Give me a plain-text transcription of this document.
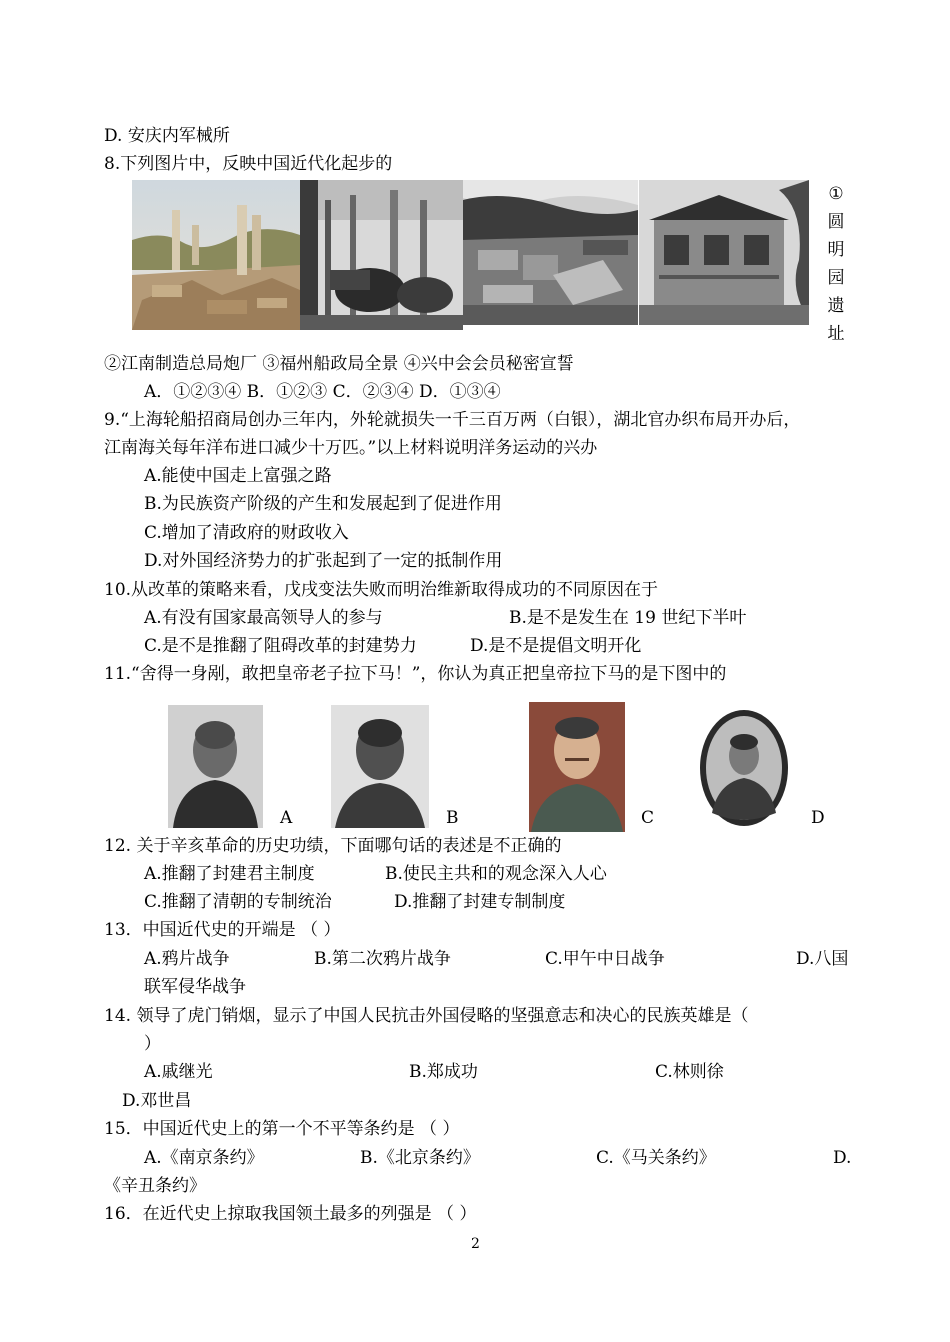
D. 安庆内军械所
8.下列图片中，反映中国近代化起步的
①
圆
明
园
遗
址
②江南制造总局炮厂 ③福州船政局全景 ④兴中会会员秘密宣誓
A．①②③④ B．①②③ C．②③④ D．①③④
9.“上海轮船招商局创办三年内，外轮就损失一千三百万两（白银），湖北官办织布局开办后，
江南海关每年洋布进口减少十万匹。”以上材料说明洋务运动的兴办
A.能使中国走上富强之路
B.为民族资产阶级的产生和发展起到了促进作用
C.增加了清政府的财政收入
D.对外国经济势力的扩张起到了一定的抵制作用
10.从改革的策略来看，戊戌变法失败而明治维新取得成功的不同原因在于
A.有没有国家最高领导人的参与	B.是不是发生在 19 世纪下半叶
C.是不是推翻了阻碍改革的封建势力	D.是不是提倡文明开化
11.“舍得一身剐，敢把皇帝老子拉下马！”，你认为真正把皇帝拉下马的是下图中的
A	B	C	D
12. 关于辛亥革命的历史功绩，下面哪句话的表述是不正确的
A.推翻了封建君主制度	B.使民主共和的观念深入人心
C.推翻了清朝的专制统治	D.推翻了封建专制制度
13．中国近代史的开端是 （ ）
A.鸦片战争	B.第二次鸦片战争	C.甲午中日战争	D.八国
联军侵华战争
14. 领导了虎门销烟，显示了中国人民抗击外国侵略的坚强意志和决心的民族英雄是（
）
A.戚继光	B.郑成功	C.林则徐
D.邓世昌
15．中国近代史上的第一个不平等条约是 （ ）
A.《南京条约》	B.《北京条约》	C.《马关条约》	D.
《辛丑条约》
16．在近代史上掠取我国领土最多的列强是 （ ）
2
